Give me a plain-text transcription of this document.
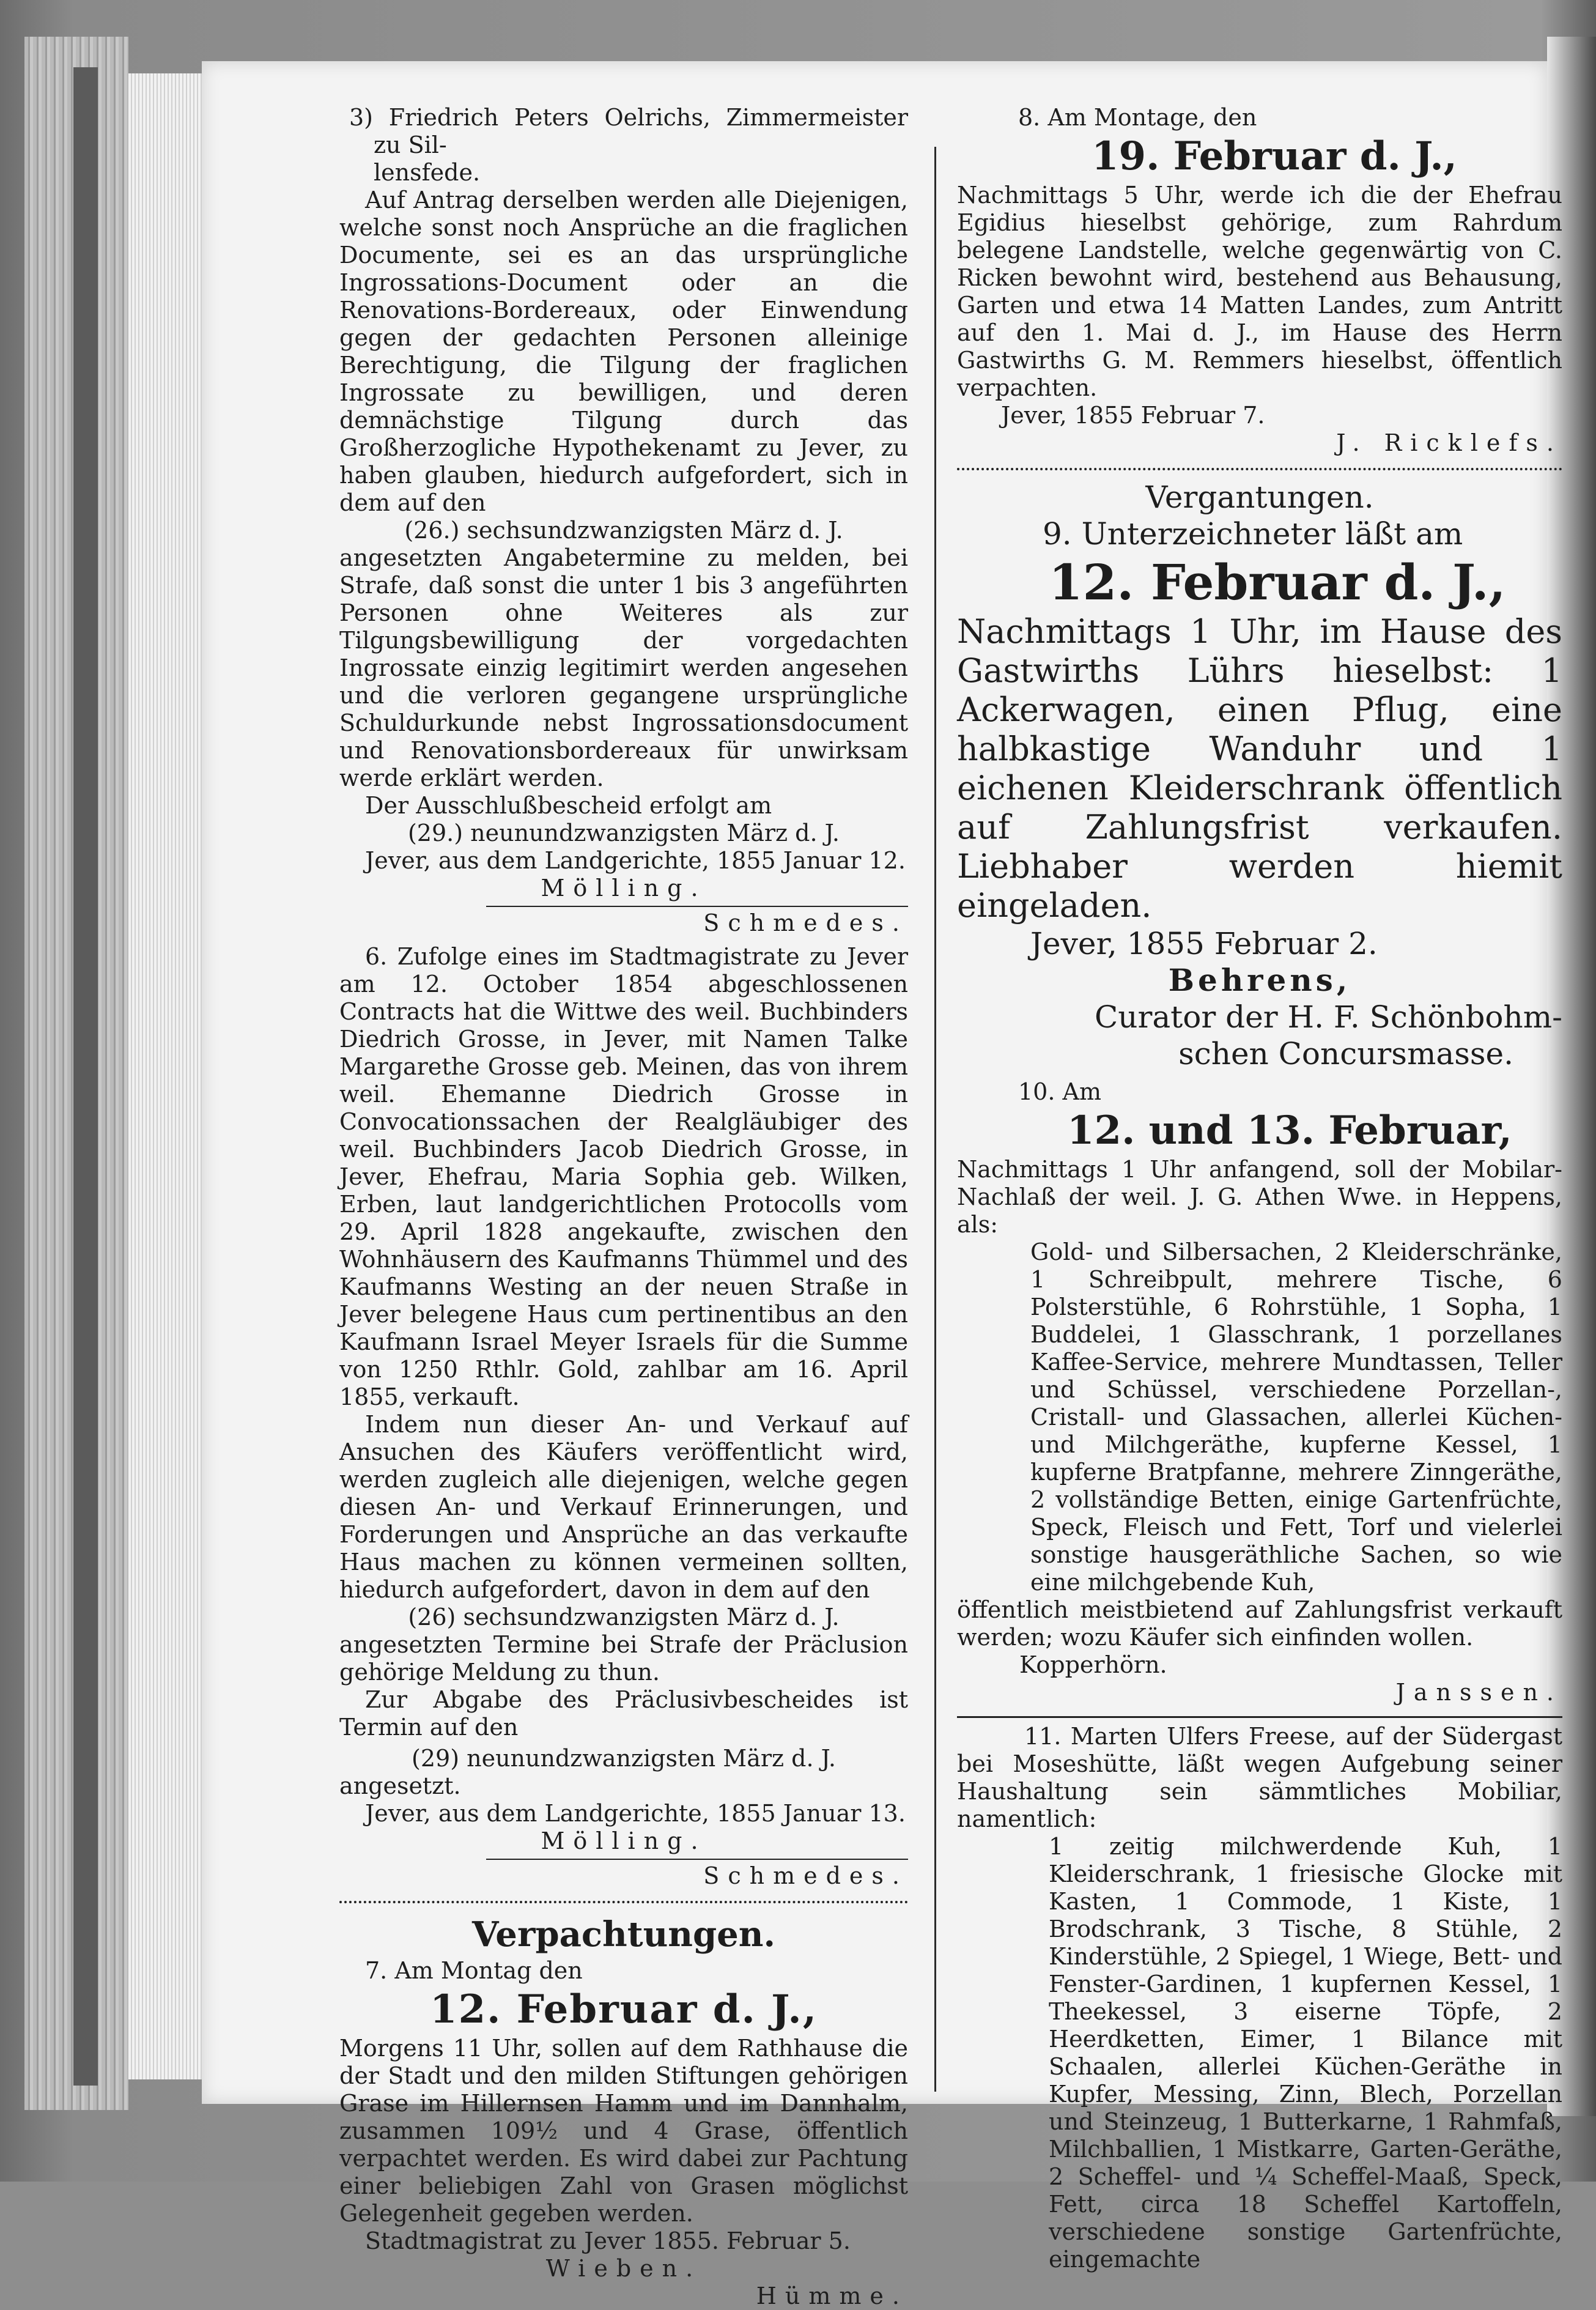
3) Friedrich Peters Oelrichs, Zimmermeister zu Sil-

lensfede.

Auf Antrag derselben werden alle Diejenigen, welche sonst noch Ansprüche an die fraglichen Documente, sei es an das ursprüngliche Ingrossations-Document oder an die Renovations-Bordereaux, oder Einwendung gegen der gedachten Personen alleinige Berechtigung, die Tilgung der fraglichen Ingrossate zu bewilligen, und deren demnächstige Tilgung durch das Großherzogliche Hypothekenamt zu Jever, zu haben glauben, hiedurch aufgefordert, sich in dem auf den

(26.) sechsundzwanzigsten März d. J.

angesetzten Angabetermine zu melden, bei Strafe, daß sonst die unter 1 bis 3 angeführten Personen ohne Weiteres als zur Tilgungsbewilligung der vorgedachten Ingrossate einzig legitimirt werden angesehen und die verloren gegangene ursprüngliche Schuldurkunde nebst Ingrossationsdocument und Renovationsbordereaux für unwirksam werde erklärt werden.

Der Ausschlußbescheid erfolgt am

(29.) neunundzwanzigsten März d. J.

Jever, aus dem Landgerichte, 1855 Januar 12.

Mölling.

Schmedes.

6. Zufolge eines im Stadtmagistrate zu Jever am 12. October 1854 abgeschlossenen Contracts hat die Wittwe des weil. Buchbinders Diedrich Grosse, in Jever, mit Namen Talke Margarethe Grosse geb. Meinen, das von ihrem weil. Ehemanne Diedrich Grosse in Convocationssachen der Realgläubiger des weil. Buchbinders Jacob Diedrich Grosse, in Jever, Ehefrau, Maria Sophia geb. Wilken, Erben, laut landgerichtlichen Protocolls vom 29. April 1828 angekaufte, zwischen den Wohnhäusern des Kaufmanns Thümmel und des Kaufmanns Westing an der neuen Straße in Jever belegene Haus cum pertinentibus an den Kaufmann Israel Meyer Israels für die Summe von 1250 Rthlr. Gold, zahlbar am 16. April 1855, verkauft.

Indem nun dieser An- und Verkauf auf Ansuchen des Käufers veröffentlicht wird, werden zugleich alle diejenigen, welche gegen diesen An- und Verkauf Erinnerungen, und Forderungen und Ansprüche an das verkaufte Haus machen zu können vermeinen sollten, hiedurch aufgefordert, davon in dem auf den

(26) sechsundzwanzigsten März d. J.

angesetzten Termine bei Strafe der Präclusion gehörige Meldung zu thun.

Zur Abgabe des Präclusivbescheides ist Termin auf den

(29) neunundzwanzigsten März d. J.

angesetzt.

Jever, aus dem Landgerichte, 1855 Januar 13.

Mölling.

Schmedes.

Verpachtungen.

7. Am Montag den

12. Februar d. J.,

Morgens 11 Uhr, sollen auf dem Rathhause die der Stadt und den milden Stiftungen gehörigen Grase im Hillernsen Hamm und im Dannhalm, zusammen 109½ und 4 Grase, öffentlich verpachtet werden. Es wird dabei zur Pachtung einer beliebigen Zahl von Grasen möglichst Gelegenheit gegeben werden.

Stadtmagistrat zu Jever 1855. Februar 5.

Wieben.

Hümme.

8. Am Montage, den

19. Februar d. J.,

Nachmittags 5 Uhr, werde ich die der Ehefrau Egidius hieselbst gehörige, zum Rahrdum belegene Landstelle, welche gegenwärtig von C. Ricken bewohnt wird, bestehend aus Behausung, Garten und etwa 14 Matten Landes, zum Antritt auf den 1. Mai d. J., im Hause des Herrn Gastwirths G. M. Remmers hieselbst, öffentlich verpachten.

Jever, 1855 Februar 7.

J. Ricklefs.

Vergantungen.

9. Unterzeichneter läßt am

12. Februar d. J.,

Nachmittags 1 Uhr, im Hause des Gastwirths Lührs hieselbst: 1 Ackerwagen, einen Pflug, eine halbkastige Wanduhr und 1 eichenen Kleiderschrank öffentlich auf Zahlungsfrist verkaufen. Liebhaber werden hiemit eingeladen.

Jever, 1855 Februar 2.

Behrens,

Curator der H. F. Schönbohm-

schen Concursmasse.

10. Am

12. und 13. Februar,

Nachmittags 1 Uhr anfangend, soll der Mobilar-Nachlaß der weil. J. G. Athen Wwe. in Heppens, als:

Gold- und Silbersachen, 2 Kleiderschränke, 1 Schreibpult, mehrere Tische, 6 Polsterstühle, 6 Rohrstühle, 1 Sopha, 1 Buddelei, 1 Glasschrank, 1 porzellanes Kaffee-Service, mehrere Mundtassen, Teller und Schüssel, verschiedene Porzellan-, Cristall- und Glassachen, allerlei Küchen- und Milchgeräthe, kupferne Kessel, 1 kupferne Bratpfanne, mehrere Zinngeräthe, 2 vollständige Betten, einige Gartenfrüchte, Speck, Fleisch und Fett, Torf und vielerlei sonstige hausgeräthliche Sachen, so wie eine milchgebende Kuh,

öffentlich meistbietend auf Zahlungsfrist verkauft werden; wozu Käufer sich einfinden wollen.

Kopperhörn.

Janssen.

11. Marten Ulfers Freese, auf der Südergast bei Moseshütte, läßt wegen Aufgebung seiner Haushaltung sein sämmtliches Mobiliar, namentlich:

1 zeitig milchwerdende Kuh, 1 Kleiderschrank, 1 friesische Glocke mit Kasten, 1 Commode, 1 Kiste, 1 Brodschrank, 3 Tische, 8 Stühle, 2 Kinderstühle, 2 Spiegel, 1 Wiege, Bett- und Fenster-Gardinen, 1 kupfernen Kessel, 1 Theekessel, 3 eiserne Töpfe, 2 Heerdketten, Eimer, 1 Bilance mit Schaalen, allerlei Küchen-Geräthe in Kupfer, Messing, Zinn, Blech, Porzellan und Steinzeug, 1 Butterkarne, 1 Rahmfaß, Milchballien, 1 Mistkarre, Garten-Geräthe, 2 Scheffel- und ¼ Scheffel-Maaß, Speck, Fett, circa 18 Scheffel Kartoffeln, verschiedene sonstige Gartenfrüchte, eingemachte
